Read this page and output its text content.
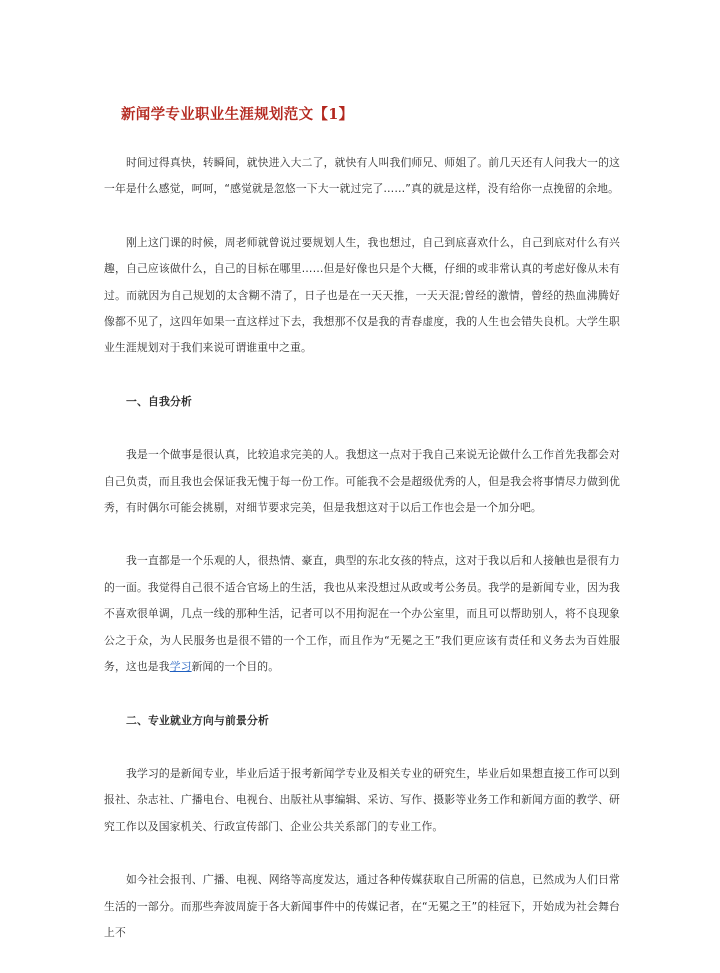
新闻学专业职业生涯规划范文【1】

时间过得真快，转瞬间，就快进入大二了，就快有人叫我们师兄、师姐了。前几天还有人问我大一的这一年是什么感觉，呵呵，“感觉就是忽悠一下大一就过完了……”真的就是这样，没有给你一点挽留的余地。

刚上这门课的时候，周老师就曾说过要规划人生，我也想过，自己到底喜欢什么，自己到底对什么有兴趣，自己应该做什么，自己的目标在哪里……但是好像也只是个大概，仔细的或非常认真的考虑好像从未有过。而就因为自己规划的太含糊不清了，日子也是在一天天推，一天天混;曾经的激情，曾经的热血沸腾好像都不见了，这四年如果一直这样过下去，我想那不仅是我的青春虚度，我的人生也会错失良机。大学生职业生涯规划对于我们来说可谓谁重中之重。

一、自我分析

我是一个做事是很认真，比较追求完美的人。我想这一点对于我自己来说无论做什么工作首先我都会对自己负责，而且我也会保证我无愧于每一份工作。可能我不会是超级优秀的人，但是我会将事情尽力做到优秀，有时偶尔可能会挑剔，对细节要求完美，但是我想这对于以后工作也会是一个加分吧。

我一直都是一个乐观的人，很热情、豪直，典型的东北女孩的特点，这对于我以后和人接触也是很有力的一面。我觉得自己很不适合官场上的生活，我也从来没想过从政或考公务员。我学的是新闻专业，因为我不喜欢很单调，几点一线的那种生活，记者可以不用拘泥在一个办公室里，而且可以帮助别人，将不良现象公之于众，为人民服务也是很不错的一个工作，而且作为“无冕之王”我们更应该有责任和义务去为百姓服务，这也是我学习新闻的一个目的。

二、专业就业方向与前景分析

我学习的是新闻专业，毕业后适于报考新闻学专业及相关专业的研究生，毕业后如果想直接工作可以到报社、杂志社、广播电台、电视台、出版社从事编辑、采访、写作、摄影等业务工作和新闻方面的教学、研究工作以及国家机关、行政宣传部门、企业公共关系部门的专业工作。

如今社会报刊、广播、电视、网络等高度发达，通过各种传媒获取自己所需的信息，已然成为人们日常生活的一部分。而那些奔波周旋于各大新闻事件中的传媒记者，在“无冕之王”的桂冠下，开始成为社会舞台上不
